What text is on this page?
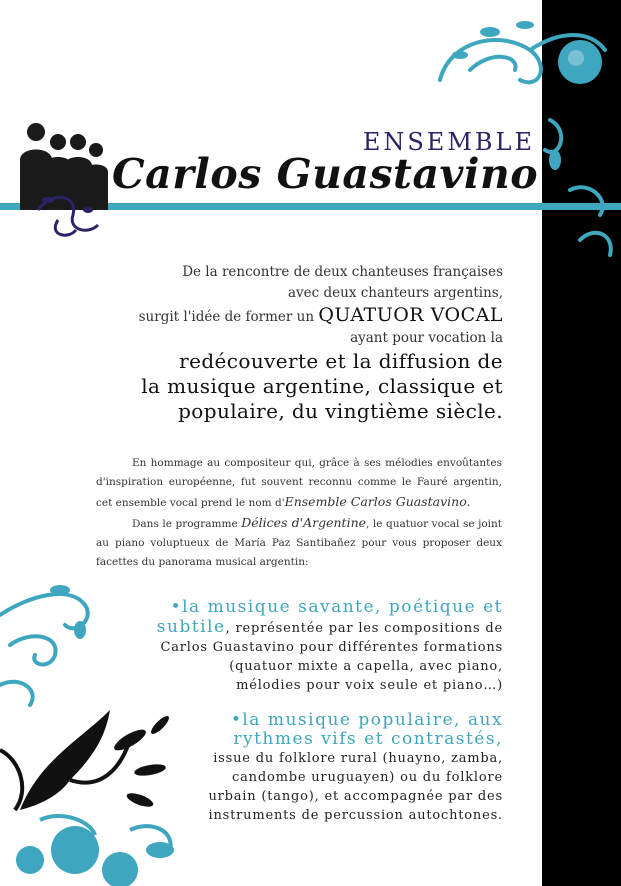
ENSEMBLE
Carlos Guastavino
De la rencontre de deux chanteuses françaises
avec deux chanteurs argentins,
surgit l'idée de former un QUATUOR VOCAL
ayant pour vocation la
redécouverte et la diffusion de
la musique argentine, classique et
populaire, du vingtième siècle.

En hommage au compositeur qui, grâce à ses mélodies envoûtantes d'inspiration européenne, fut souvent reconnu comme le Fauré argentin, cet ensemble vocal prend le nom d'Ensemble Carlos Guastavino.

Dans le programme Délices d'Argentine, le quatuor vocal se joint au piano voluptueux de María Paz Santibañez pour vous proposer deux facettes du panorama musical argentin:

•la musique savante, poétique et
subtile, représentée par les compositions de
Carlos Guastavino pour différentes formations
(quatuor mixte a capella, avec piano,
mélodies pour voix seule et piano…)
•la musique populaire, aux
rythmes vifs et contrastés,
issue du folklore rural (huayno, zamba,
candombe uruguayen) ou du folklore
urbain (tango), et accompagnée par des
instruments de percussion autochtones.
